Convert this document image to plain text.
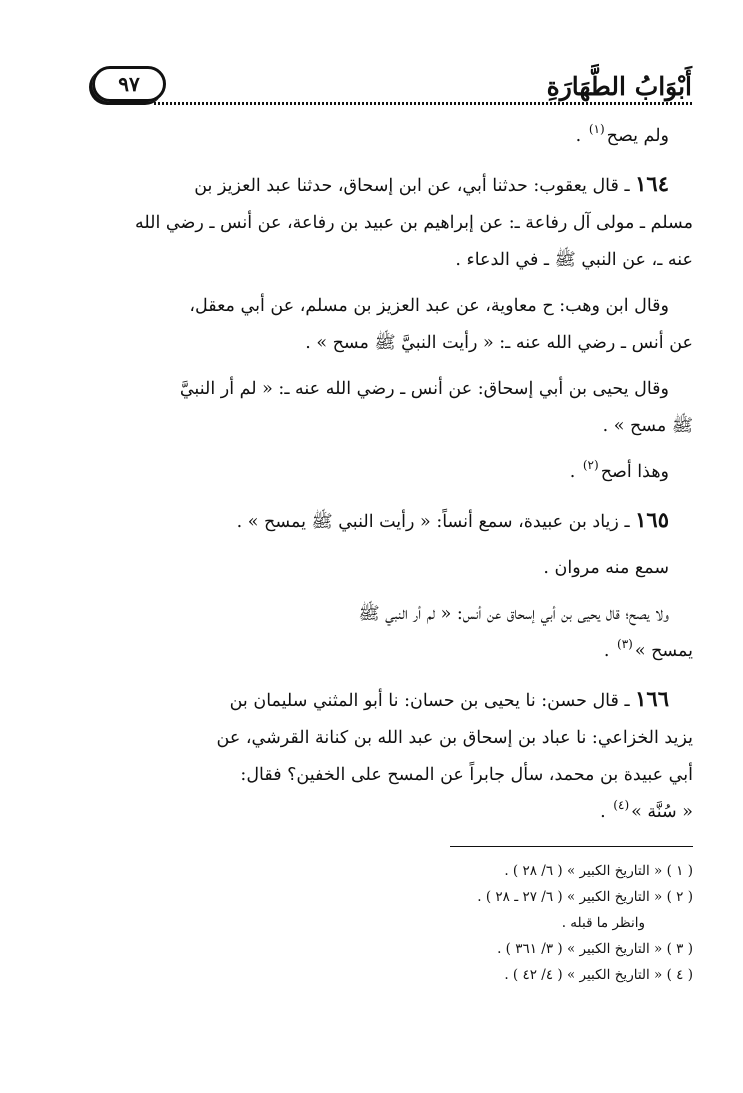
٩٧	أَبْوَابُ الطَّهَارَةِ
ولم يصح$^{(١)}$ .
١٦٤ ـ قال يعقوب: حدثنا أبي، عن ابن إسحاق، حدثنا عبد العزيز بن
مسلم ـ مولى آل رفاعة ـ: عن إبراهيم بن عبيد بن رفاعة، عن أنس ـ رضي الله
عنه ـ، عن النبي ﷺ ـ في الدعاء .
وقال ابن وهب: ح معاوية، عن عبد العزيز بن مسلم، عن أبي معقل،
عن أنس ـ رضي الله عنه ـ: « رأيت النبيَّ ﷺ مسح » .
وقال يحيى بن أبي إسحاق: عن أنس ـ رضي الله عنه ـ: « لم أر النبيَّ
ﷺ مسح » .
وهذا أصح$^{(٢)}$ .
١٦٥ ـ زياد بن عبيدة، سمع أنساً: « رأيت النبي ﷺ يمسح » .
سمع منه مروان .
ولا يصح؛ قال يحيى بن أبي إسحاق عن أنس: « لم أر النبي ﷺ
يمسح »$^{(٣)}$ .
١٦٦ ـ قال حسن: نا يحيى بن حسان: نا أبو المثني سليمان بن
يزيد الخزاعي: نا عباد بن إسحاق بن عبد الله بن كنانة القرشي، عن
أبي عبيدة بن محمد، سأل جابراً عن المسح على الخفين؟ فقال:
« سُنَّة »$^{(٤)}$ .
( ١ ) « التاريخ الكبير » ( ٦/ ٢٨ ) .
( ٢ ) « التاريخ الكبير » ( ٦/ ٢٧ ـ ٢٨ ) .
وانظر ما قبله .
( ٣ ) « التاريخ الكبير » ( ٣/ ٣٦١ ) .
( ٤ ) « التاريخ الكبير » ( ٤/ ٤٢ ) .
